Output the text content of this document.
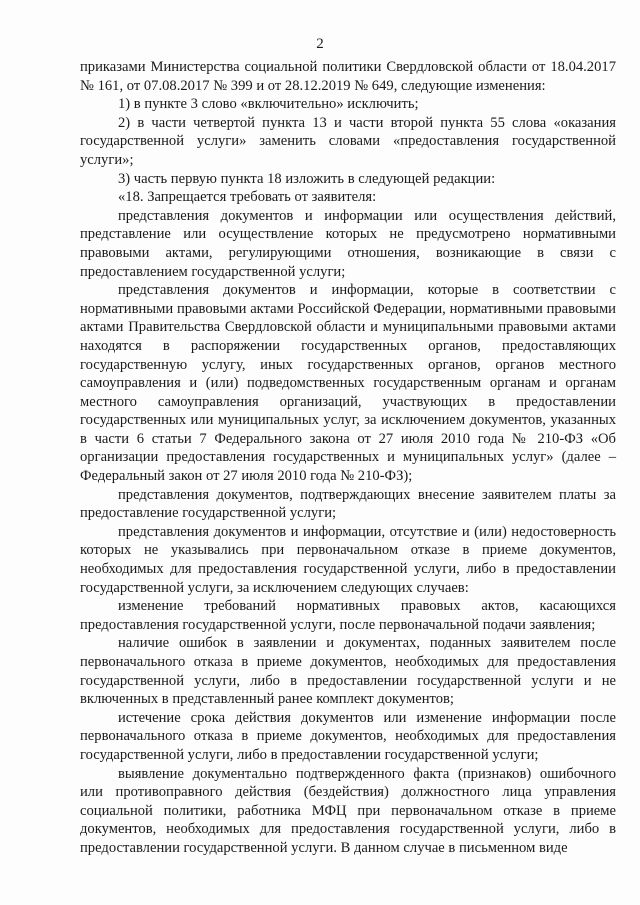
2

приказами Министерства социальной политики Свердловской области от 18.04.2017 № 161, от 07.08.2017 № 399 и от 28.12.2019 № 649, следующие изменения:

1) в пункте 3 слово «включительно» исключить;

2) в части четвертой пункта 13 и части второй пункта 55 слова «оказания государственной услуги» заменить словами «предоставления государственной услуги»;

3) часть первую пункта 18 изложить в следующей редакции:

«18. Запрещается требовать от заявителя:

представления документов и информации или осуществления действий, представление или осуществление которых не предусмотрено нормативными правовыми актами, регулирующими отношения, возникающие в связи с предоставлением государственной услуги;

представления документов и информации, которые в соответствии с нормативными правовыми актами Российской Федерации, нормативными правовыми актами Правительства Свердловской области и муниципальными правовыми актами находятся в распоряжении государственных органов, предоставляющих государственную услугу, иных государственных органов, органов местного самоуправления и (или) подведомственных государственным органам и органам местного самоуправления организаций, участвующих в предоставлении государственных или муниципальных услуг, за исключением документов, указанных в части 6 статьи 7 Федерального закона от 27 июля 2010 года № 210-ФЗ «Об организации предоставления государственных и муниципальных услуг» (далее – Федеральный закон от 27 июля 2010 года № 210-ФЗ);

представления документов, подтверждающих внесение заявителем платы за предоставление государственной услуги;

представления документов и информации, отсутствие и (или) недостоверность которых не указывались при первоначальном отказе в приеме документов, необходимых для предоставления государственной услуги, либо в предоставлении государственной услуги, за исключением следующих случаев:

изменение требований нормативных правовых актов, касающихся предоставления государственной услуги, после первоначальной подачи заявления;

наличие ошибок в заявлении и документах, поданных заявителем после первоначального отказа в приеме документов, необходимых для предоставления государственной услуги, либо в предоставлении государственной услуги и не включенных в представленный ранее комплект документов;

истечение срока действия документов или изменение информации после первоначального отказа в приеме документов, необходимых для предоставления государственной услуги, либо в предоставлении государственной услуги;

выявление документально подтвержденного факта (признаков) ошибочного или противоправного действия (бездействия) должностного лица управления социальной политики, работника МФЦ при первоначальном отказе в приеме документов, необходимых для предоставления государственной услуги, либо в предоставлении государственной услуги. В данном случае в письменном виде
